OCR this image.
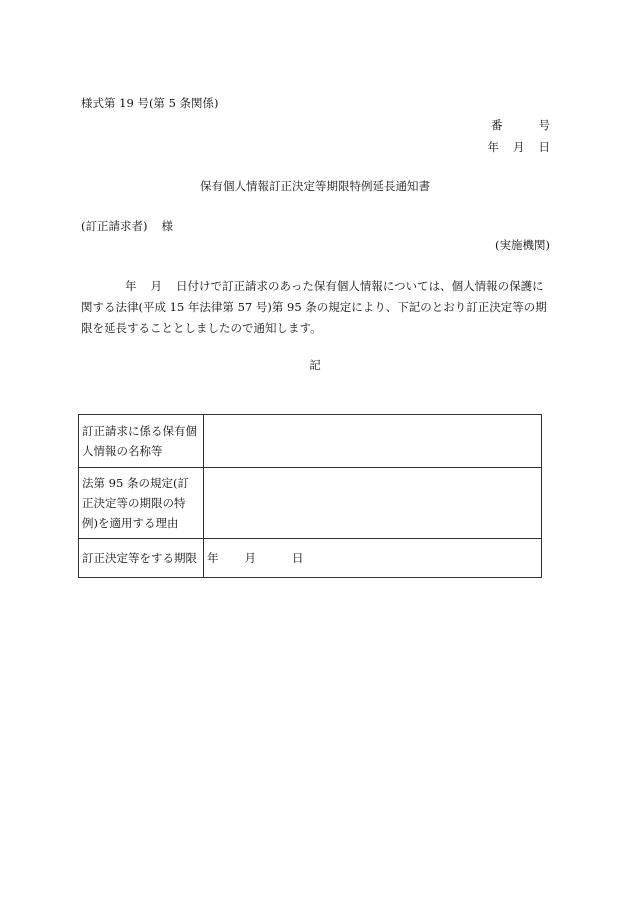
様式第 19 号(第 5 条関係)
番	号
年 月 日
保有個人情報訂正決定等期限特例延長通知書
(訂正請求者) 様
(実施機関)
年 月 日付けで訂正請求のあった保有個人情報については、個人情報の保護に関する法律(平成 15 年法律第 57 号)第 95 条の規定により、下記のとおり訂正決定等の期限を延長することとしましたので通知します。
記
訂正請求に係る保有個人情報の名称等	
法第 95 条の規定(訂正決定等の期限の特例)を適用する理由	
訂正決定等をする期限	年 月 日
